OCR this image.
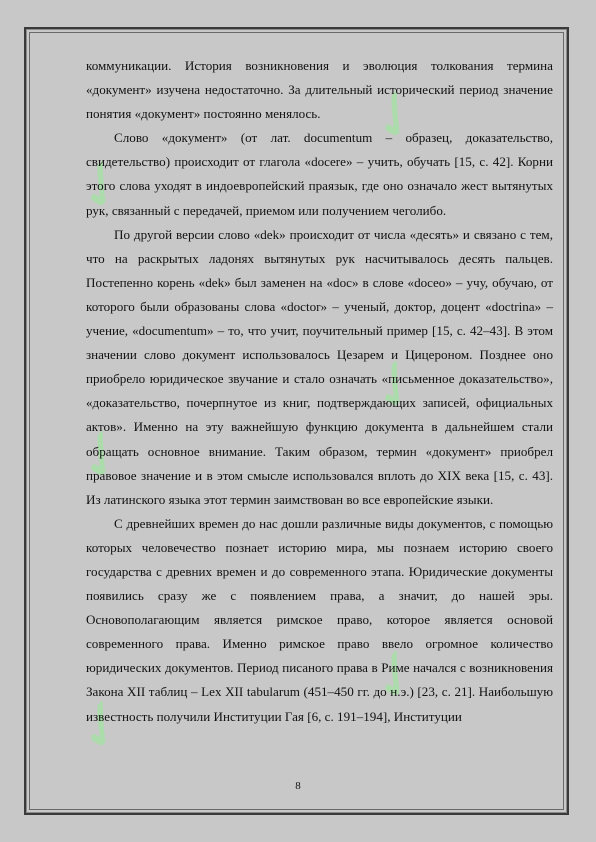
✓
✓
✓
✓
✓
✓

коммуникации. История возникновения и эволюция толкования термина «документ» изучена недостаточно. За длительный исторический период значение понятия «документ» постоянно менялось.

Слово «документ» (от лат. documentum – образец, доказательство, свидетельство) происходит от глагола «docere» – учить, обучать [15, с. 42]. Корни этого слова уходят в индоевропейский праязык, где оно означало жест вытянутых рук, связанный с передачей, приемом или получением чеголибо.

По другой версии слово «dek» происходит от числа «десять» и связано с тем, что на раскрытых ладонях вытянутых рук насчитывалось десять пальцев. Постепенно корень «dek» был заменен на «doc» в слове «doceo» – учу, обучаю, от которого были образованы слова «doctor» – ученый, доктор, доцент «doctrina» – учение, «documentum» – то, что учит, поучительный пример [15, с. 42–43]. В этом значении слово документ использовалось Цезарем и Цицероном. Позднее оно приобрело юридическое звучание и стало означать «письменное доказательство», «доказательство, почерпнутое из книг, подтверждающих записей, официальных актов». Именно на эту важнейшую функцию документа в дальнейшем стали обращать основное внимание. Таким образом, термин «документ» приобрел правовое значение и в этом смысле использовался вплоть до XIX века [15, с. 43]. Из латинского языка этот термин заимствован во все европейские языки.

С древнейших времен до нас дошли различные виды документов, с помощью которых человечество познает историю мира, мы познаем историю своего государства с древних времен и до современного этапа. Юридические документы появились сразу же с появлением права, а значит, до нашей эры. Основополагающим является римское право, которое является основой современного права. Именно римское право ввело огромное количество юридических документов. Период писаного права в Риме начался с возникновения Закона XII таблиц – Lex XII tabularum (451–450 гг. до н.э.) [23, с. 21]. Наибольшую известность получили Институции Гая [6, с. 191–194], Институции

8
